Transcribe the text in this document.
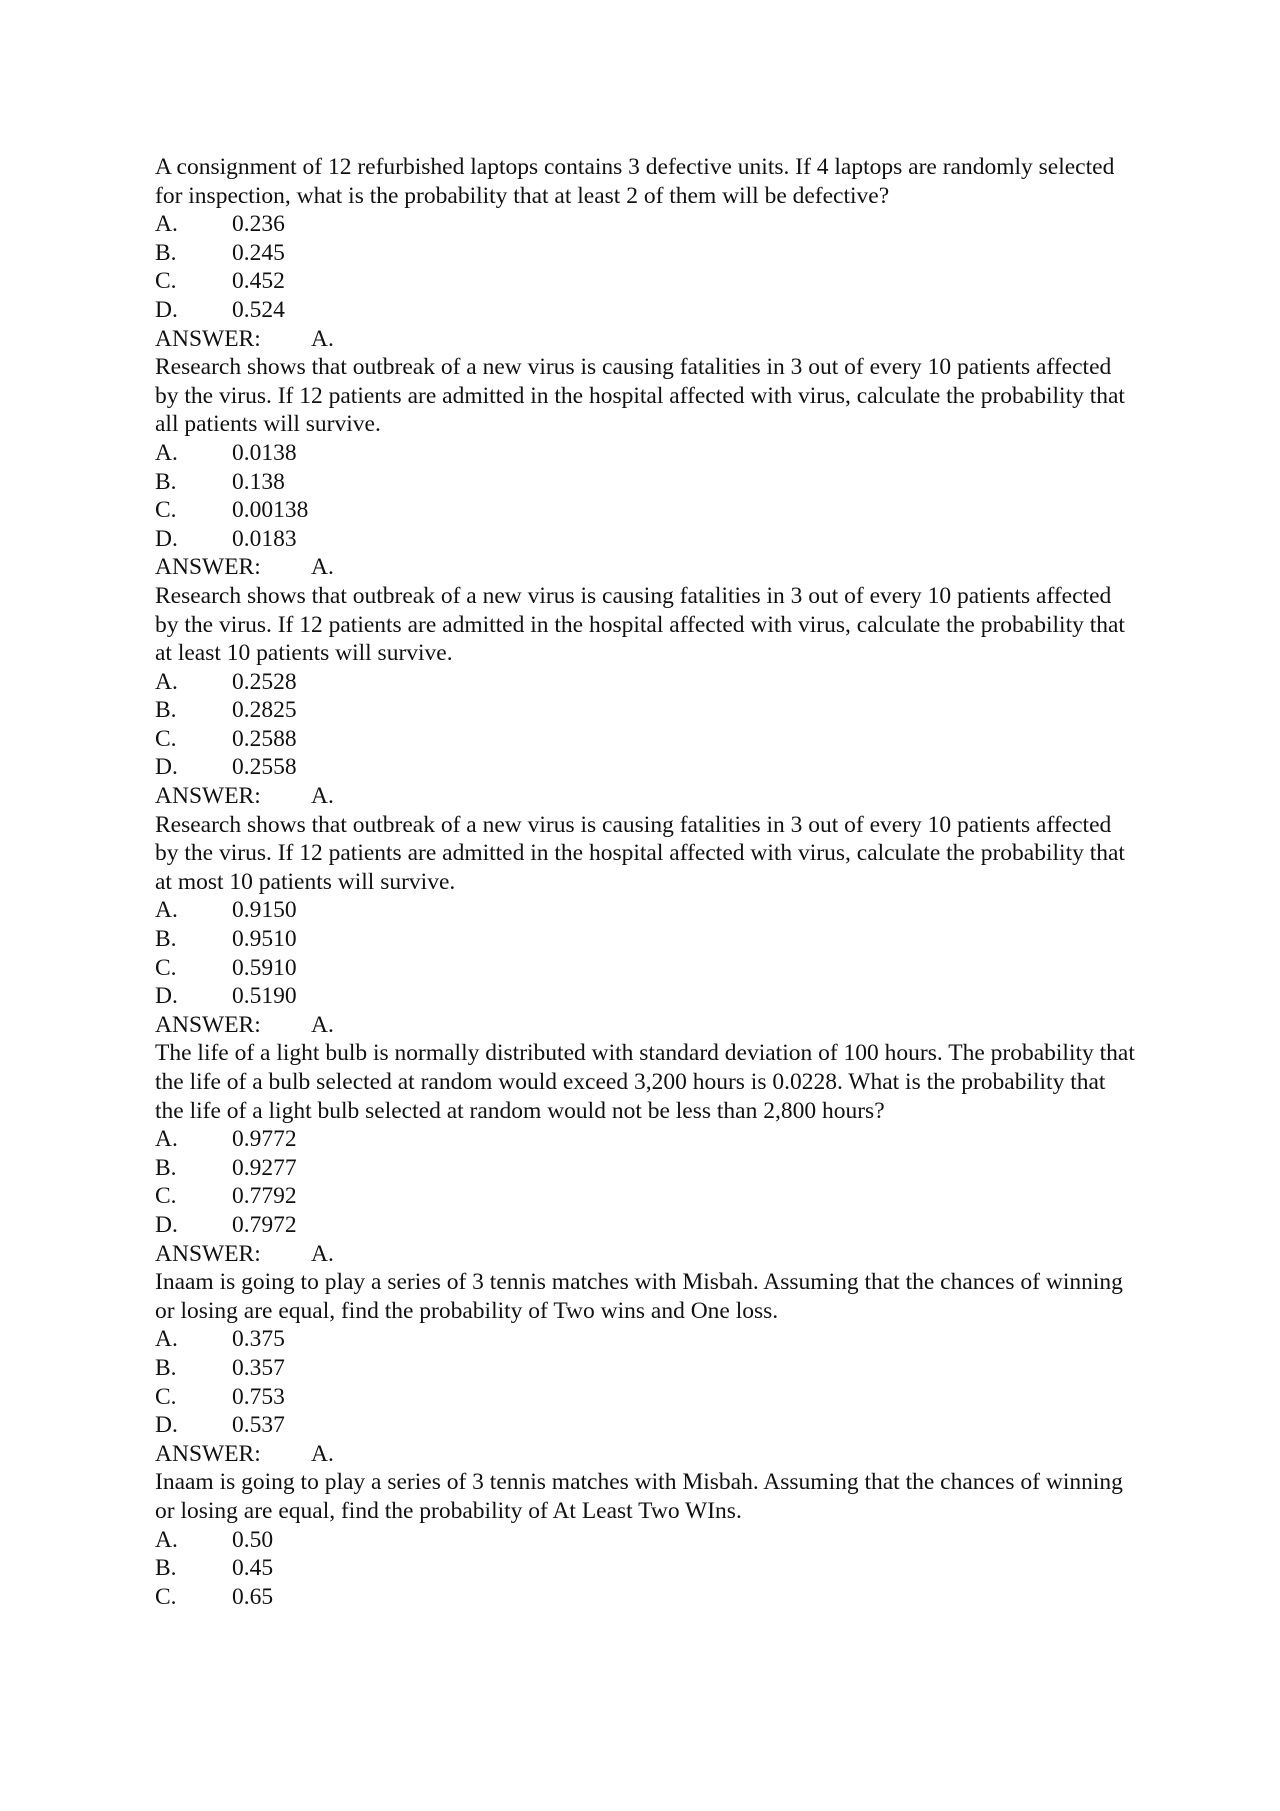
A consignment of 12 refurbished laptops contains 3 defective units. If 4 laptops are randomly selected for inspection, what is the probability that at least 2 of them will be defective?

A.	0.236
B.	0.245
C.	0.452
D.	0.524
ANSWER:	A.

Research shows that outbreak of a new virus is causing fatalities in 3 out of every 10 patients affected by the virus. If 12 patients are admitted in the hospital affected with virus, calculate the probability that all patients will survive.

A.	0.0138
B.	0.138
C.	0.00138
D.	0.0183
ANSWER:	A.

Research shows that outbreak of a new virus is causing fatalities in 3 out of every 10 patients affected by the virus. If 12 patients are admitted in the hospital affected with virus, calculate the probability that at least 10 patients will survive.

A.	0.2528
B.	0.2825
C.	0.2588
D.	0.2558
ANSWER:	A.

Research shows that outbreak of a new virus is causing fatalities in 3 out of every 10 patients affected by the virus. If 12 patients are admitted in the hospital affected with virus, calculate the probability that at most 10 patients will survive.

A.	0.9150
B.	0.9510
C.	0.5910
D.	0.5190
ANSWER:	A.

The life of a light bulb is normally distributed with standard deviation of 100 hours. The probability that the life of a bulb selected at random would exceed 3,200 hours is 0.0228. What is the probability that the life of a light bulb selected at random would not be less than 2,800 hours?

A.	0.9772
B.	0.9277
C.	0.7792
D.	0.7972
ANSWER:	A.

Inaam is going to play a series of 3 tennis matches with Misbah. Assuming that the chances of winning or losing are equal, find the probability of Two wins and One loss.

A.	0.375
B.	0.357
C.	0.753
D.	0.537
ANSWER:	A.

Inaam is going to play a series of 3 tennis matches with Misbah. Assuming that the chances of winning or losing are equal, find the probability of At Least Two WIns.

A.	0.50
B.	0.45
C.	0.65
